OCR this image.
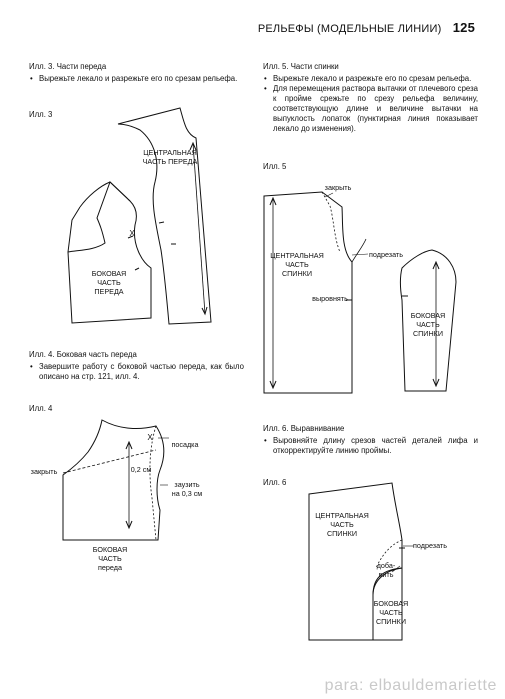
РЕЛЬЕФЫ (МОДЕЛЬНЫЕ ЛИНИИ) 125
Илл. 3. Части переда
• Вырежьте лекало и разрежьте его по срезам рельефа.
Илл. 4. Боковая часть переда
• Завершите работу с боковой частью переда, как было описано на стр. 121, илл. 4.
Илл. 5. Части спинки
• Вырежьте лекало и разрежьте его по срезам рельефа.
• Для перемещения раствора вытачки от плечевого среза к пройме срежьте по срезу рельефа величину, соответствующую длине и величине вытачки на выпуклость лопаток (пунктирная линия показывает лекало до изменения).
Илл. 6. Выравнивание
• Выровняйте длину срезов частей деталей лифа и откорректируйте линию проймы.
Илл. 3
Илл. 4
Илл. 5
Илл. 6
ЦЕНТРАЛЬНАЯ
ЧАСТЬ ПЕРЕДА
X
БОКОВАЯ
ЧАСТЬ
ПЕРЕДА
X
посадка
закрыть	0,2 см
заузить
на 0,3 см
БОКОВАЯ
ЧАСТЬ
переда
закрыть
ЦЕНТРАЛЬНАЯ
ЧАСТЬ
СПИНКИ
подрезать
выровнять
БОКОВАЯ
ЧАСТЬ
СПИНКИ
ЦЕНТРАЛЬНАЯ
ЧАСТЬ
СПИНКИ
подрезать
доба-
вить
БОКОВАЯ
ЧАСТЬ
СПИНКИ
para: elbauldemariette
